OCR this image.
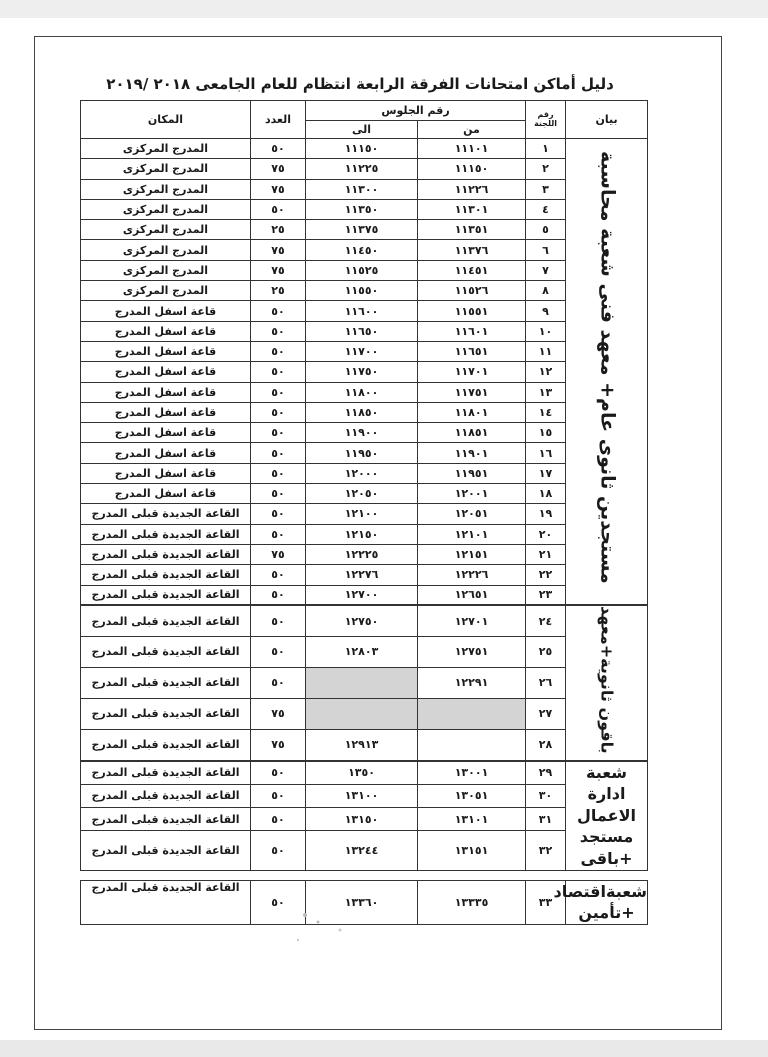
دليل أماكن امتحانات الفرقة الرابعة انتظام للعام الجامعى ٢٠١٨ /٢٠١٩
بيان	رقم اللجنة	رقم الجلوس		العدد	المكان
		من	الى		
مستجدين ثانوى عام+ معهد فنى شعبة محاسبة	١	١١١٠١	١١١٥٠	٥٠	المدرج المركزى
	٢	١١١٥٠	١١٢٢٥	٧٥	المدرج المركزى
	٣	١١٢٢٦	١١٣٠٠	٧٥	المدرج المركزى
	٤	١١٣٠١	١١٣٥٠	٥٠	المدرج المركزى
	٥	١١٣٥١	١١٣٧٥	٢٥	المدرج المركزى
	٦	١١٣٧٦	١١٤٥٠	٧٥	المدرج المركزى
	٧	١١٤٥١	١١٥٢٥	٧٥	المدرج المركزى
	٨	١١٥٢٦	١١٥٥٠	٢٥	المدرج المركزى
	٩	١١٥٥١	١١٦٠٠	٥٠	قاعة اسفل المدرج
	١٠	١١٦٠١	١١٦٥٠	٥٠	قاعة اسفل المدرج
	١١	١١٦٥١	١١٧٠٠	٥٠	قاعة اسفل المدرج
	١٢	١١٧٠١	١١٧٥٠	٥٠	قاعة اسفل المدرج
	١٣	١١٧٥١	١١٨٠٠	٥٠	قاعة اسفل المدرج
	١٤	١١٨٠١	١١٨٥٠	٥٠	قاعة اسفل المدرج
	١٥	١١٨٥١	١١٩٠٠	٥٠	قاعة اسفل المدرج
	١٦	١١٩٠١	١١٩٥٠	٥٠	قاعة اسفل المدرج
	١٧	١١٩٥١	١٢٠٠٠	٥٠	قاعة اسفل المدرج
	١٨	١٢٠٠١	١٢٠٥٠	٥٠	قاعة اسفل المدرج
	١٩	١٢٠٥١	١٢١٠٠	٥٠	القاعة الجديدة قبلى المدرج
	٢٠	١٢١٠١	١٢١٥٠	٥٠	القاعة الجديدة قبلى المدرج
	٢١	١٢١٥١	١٢٢٢٥	٧٥	القاعة الجديدة قبلى المدرج
	٢٢	١٢٢٢٦	١٢٢٧٦	٥٠	القاعة الجديدة قبلى المدرج
	٢٣	١٢٦٥١	١٢٧٠٠	٥٠	القاعة الجديدة قبلى المدرج
باقون ثانوية+معهد	٢٤	١٢٧٠١	١٢٧٥٠	٥٠	القاعة الجديدة قبلى المدرج
	٢٥	١٢٧٥١	١٢٨٠٣	٥٠	القاعة الجديدة قبلى المدرج
	٢٦	١٢٢٩١		٥٠	القاعة الجديدة قبلى المدرج
	٢٧			٧٥	القاعة الجديدة قبلى المدرج
	٢٨		١٢٩١٣	٧٥	القاعة الجديدة قبلى المدرج
شعبة ادارة الاعمال مستجد +باقى	٢٩	١٣٠٠١	١٣٥٠	٥٠	القاعة الجديدة قبلى المدرج
	٣٠	١٣٠٥١	١٣١٠٠	٥٠	القاعة الجديدة قبلى المدرج
	٣١	١٣١٠١	١٣١٥٠	٥٠	القاعة الجديدة قبلى المدرج
	٣٢	١٣١٥١	١٣٢٤٤	٥٠	القاعة الجديدة قبلى المدرج

شعبةاقتصاد +تأمين	٣٣	١٣٣٣٥	١٣٣٦٠	٥٠	القاعة الجديدة قبلى المدرج
